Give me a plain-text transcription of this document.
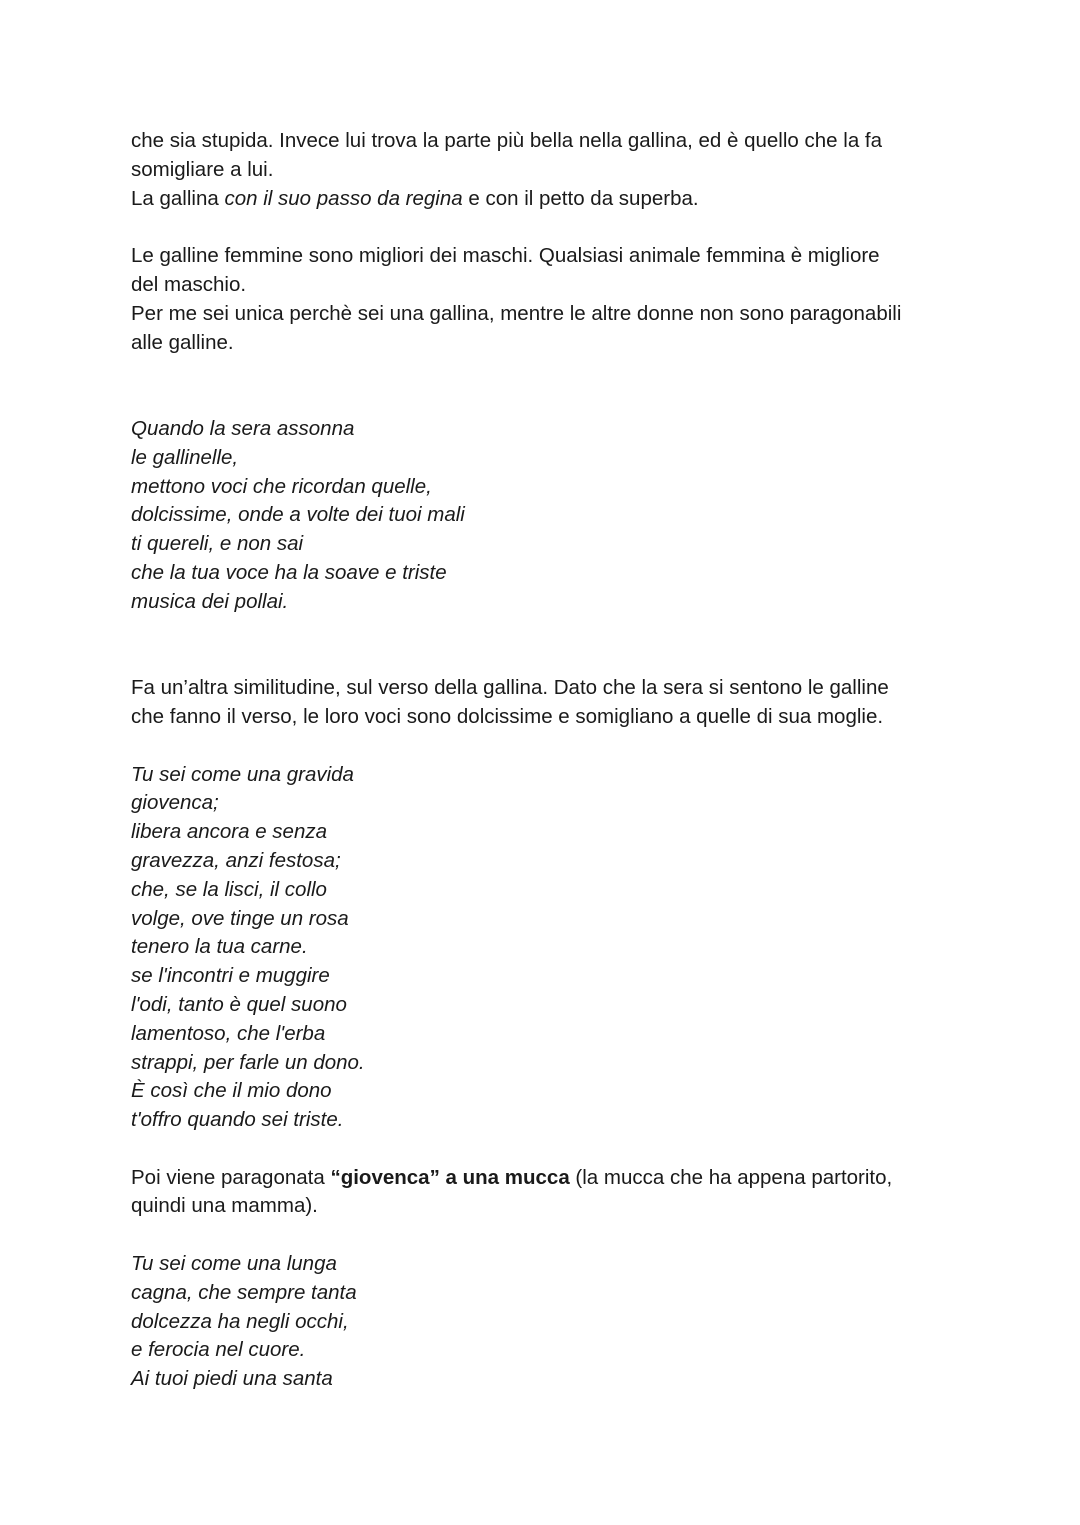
che sia stupida. Invece lui trova la parte più bella nella gallina, ed è quello che la fa
somigliare a lui.
La gallina con il suo passo da regina e con il petto da superba.
Le galline femmine sono migliori dei maschi. Qualsiasi animale femmina è migliore
del maschio.
Per me sei unica perchè sei una gallina, mentre le altre donne non sono paragonabili
alle galline.
Quando la sera assonna
le gallinelle,
mettono voci che ricordan quelle,
dolcissime, onde a volte dei tuoi mali
ti quereli, e non sai
che la tua voce ha la soave e triste
musica dei pollai.
Fa un’altra similitudine, sul verso della gallina. Dato che la sera si sentono le galline
che fanno il verso, le loro voci sono dolcissime e somigliano a quelle di sua moglie.
Tu sei come una gravida
giovenca;
libera ancora e senza
gravezza, anzi festosa;
che, se la lisci, il collo
volge, ove tinge un rosa
tenero la tua carne.
se l'incontri e muggire
l'odi, tanto è quel suono
lamentoso, che l'erba
strappi, per farle un dono.
È così che il mio dono
t'offro quando sei triste.
Poi viene paragonata “giovenca” a una mucca (la mucca che ha appena partorito,
quindi una mamma).
Tu sei come una lunga
cagna, che sempre tanta
dolcezza ha negli occhi,
e ferocia nel cuore.
Ai tuoi piedi una santa
